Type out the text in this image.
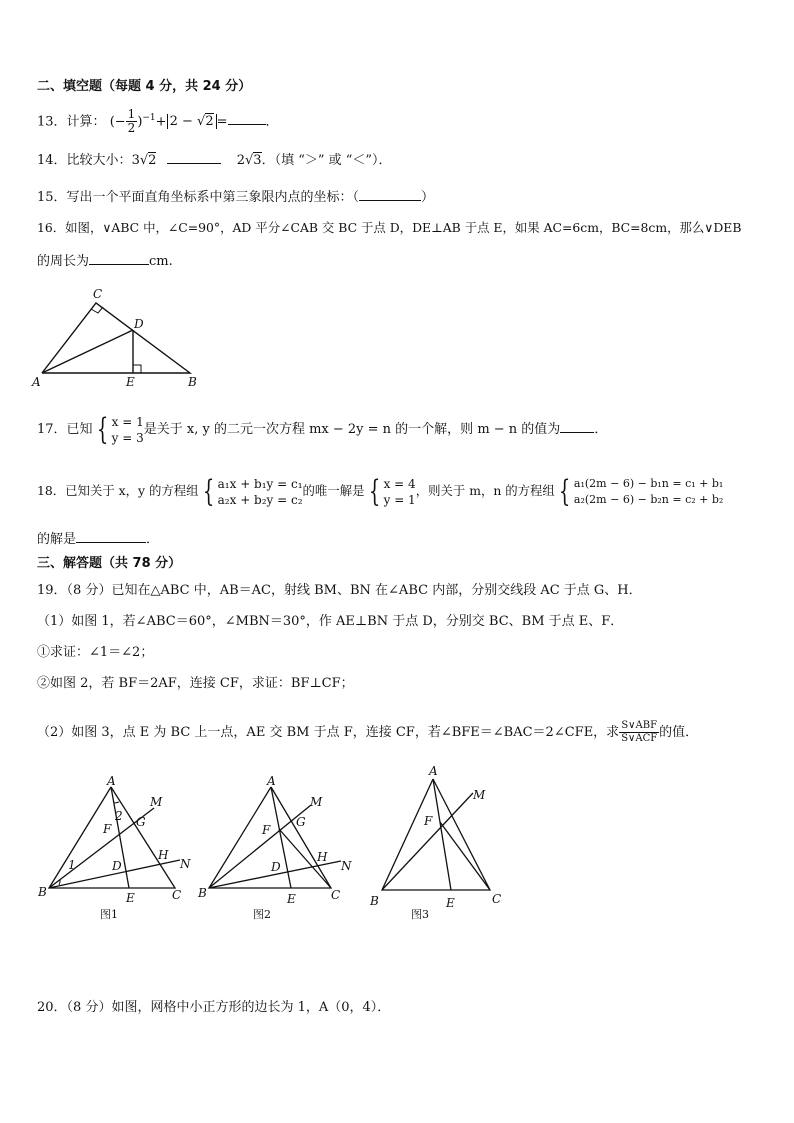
二、填空题（每题 4 分，共 24 分）
13．计算： (− $\frac{1}{2} )^{-1}+ 2 - √2$ =	．
14．比较大小：3√2	2√3．（填 “＞” 或 “＜”）．
15．写出一个平面直角坐标系中第三象限内点的坐标：（	）
16．如图，∨ABC 中，∠C=90°，AD 平分∠CAB 交 BC 于点 D，DE⊥AB 于点 E，如果 AC=6cm，BC=8cm，那么∨DEB
的周长为	cm.
C
D
A	E	B
17．已知 { x = 1
y = 3
是关于 x, y 的二元一次方程 mx − 2y = n 的一个解，则 m − n 的值为	．
18．已知关于 x，y 的方程组 { a₁x + b₁y = c₁
a₂x + b₂y = c₂
的唯一解是 { x = 4
y = 1
，则关于 m，n 的方程组 { a₁(2m − 6) − b₁n = c₁ + b₁
a₂(2m − 6) − b₂n = c₂ + b₂
的解是	．
三、解答题（共 78 分）
19．（8 分）已知在△ABC 中，AB＝AC，射线 BM、BN 在∠ABC 内部，分别交线段 AC 于点 G、H．
（1）如图 1，若∠ABC＝60°，∠MBN＝30°，作 AE⊥BN 于点 D，分别交 BC、BM 于点 E、F．
①求证：∠1＝∠2；
②如图 2，若 BF＝2AF，连接 CF，求证：BF⊥CF；
（2）如图 3，点 E 为 BC 上一点，AE 交 BM 于点 F，连接 CF，若∠BFE＝∠BAC＝2∠CFE，求 $\frac{\text{S∨ABF}}{\text{S∨ACF}}$ 的值．
A
M
2 G
F
1	D
H
N
B	E	C
图1
A
M
G
F
D
H
N
B	E	C
图2
A
M
F
B	E	C
图3
20．（8 分）如图，网格中小正方形的边长为 1，A（0，4）．
